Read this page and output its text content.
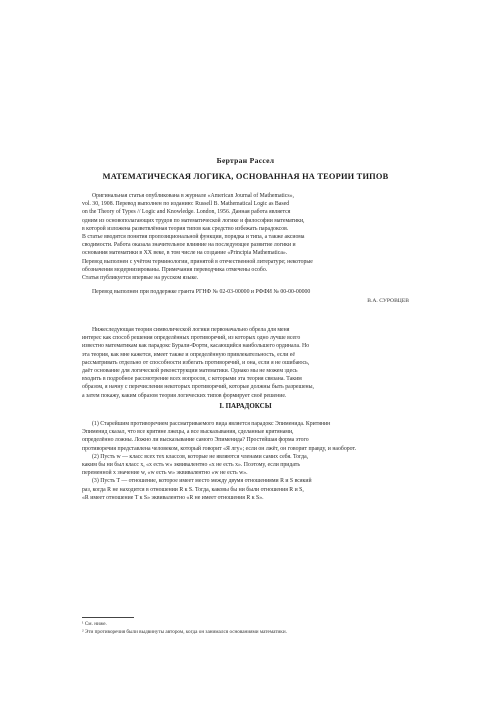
Бертран Рассел
МАТЕМАТИЧЕСКАЯ ЛОГИКА, ОСНОВАННАЯ НА ТЕОРИИ ТИПОВ
Оригинальная статья опубликована в журнале «American Journal of Mathematics»,
vol. 30, 1908. Перевод выполнен по изданию: Russell B. Mathematical Logic as Based
on the Theory of Types // Logic and Knowledge. London, 1956. Данная работа является
одним из основополагающих трудов по математической логике и философии математики,
в которой изложена разветвлённая теория типов как средство избежать парадоксов.
В статье вводятся понятия пропозициональной функции, порядка и типа, а также аксиома
сводимости. Работа оказала значительное влияние на последующее развитие логики и
основания математики в XX веке, в том числе на создание «Principia Mathematica».
Перевод выполнен с учётом терминологии, принятой в отечественной литературе; некоторые
обозначения модернизированы. Примечания переводчика отмечены особо.
Статья публикуется впервые на русском языке.
Перевод выполнен при поддержке гранта РГНФ № 02-03-00000 и РФФИ № 00-00-00000
В.А. СУРОВЦЕВ
Нижеследующая теория символической логики первоначально обрела для меня
интерес как способ решения определённых противоречий, из которых одно лучше всего
известно математикам как парадокс Бурали-Форти, касающийся наибольшего ординала. Но
эта теория, как мне кажется, имеет также и определённую привлекательность, если её
рассматривать отдельно от способности избегать противоречий, и она, если я не ошибаюсь,
даёт основание для логической реконструкции математики. Однако мы не можем здесь
входить в подробное рассмотрение всех вопросов, с которыми эта теория связана. Таким
образом, я начну с перечисления некоторых противоречий, которые должны быть разрешены,
а затем покажу, каким образом теория логических типов формирует своё решение.
I. ПАРАДОКСЫ
(1) Старейшим противоречием рассматриваемого вида является парадокс Эпименида. Критянин
Эпименид сказал, что все критяне лжецы, а все высказывания, сделанные критянами,
определённо ложны. Ложно ли высказывание самого Эпименида? Простейшая форма этого
противоречия представлена человеком, который говорит «Я лгу»; если он лжёт, он говорит правду, и наоборот.
(2) Пусть w — класс всех тех классов, которые не являются членами самих себя. Тогда,
каким бы ни был класс x, «x есть w» эквивалентно «x не есть x». Поэтому, если придать
переменной x значение w, «w есть w» эквивалентно «w не есть w».
(3) Пусть T — отношение, которое имеет место между двумя отношениями R и S всякий
раз, когда R не находится в отношении R к S. Тогда, каковы бы ни были отношения R и S,
«R имеет отношение T к S» эквивалентно «R не имеет отношения R к S».
¹ См. ниже.
² Эти противоречия были выдвинуты автором, когда он занимался основаниями математики.
